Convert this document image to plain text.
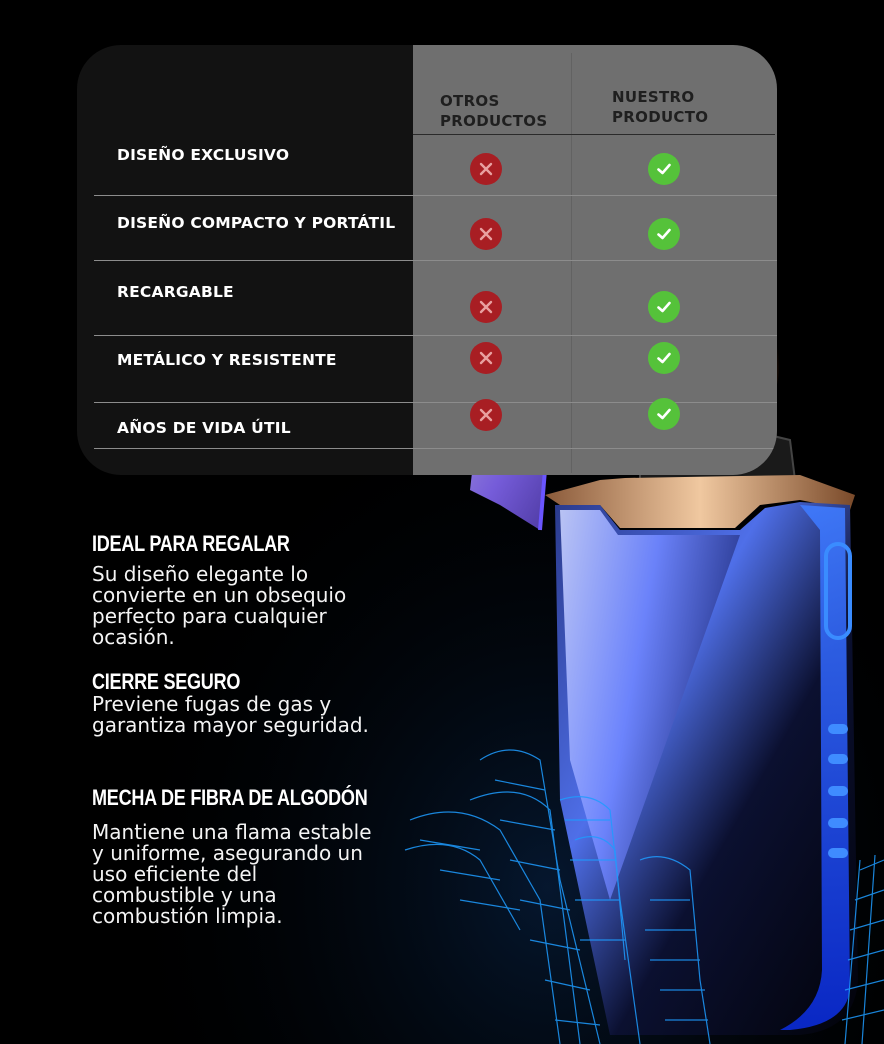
OTROS
PRODUCTOS
NUESTRO
PRODUCTO
DISEÑO EXCLUSIVO
DISEÑO COMPACTO Y PORTÁTIL
RECARGABLE
METÁLICO Y RESISTENTE
AÑOS DE VIDA ÚTIL
IDEAL PARA REGALAR

Su diseño elegante lo convierte en un obsequio perfecto para cualquier ocasión.

CIERRE SEGURO

Previene fugas de gas y garantiza mayor seguridad.

MECHA DE FIBRA DE ALGODÓN

Mantiene una flama estable y uniforme, asegurando un uso eficiente del combustible y una combustión limpia.
